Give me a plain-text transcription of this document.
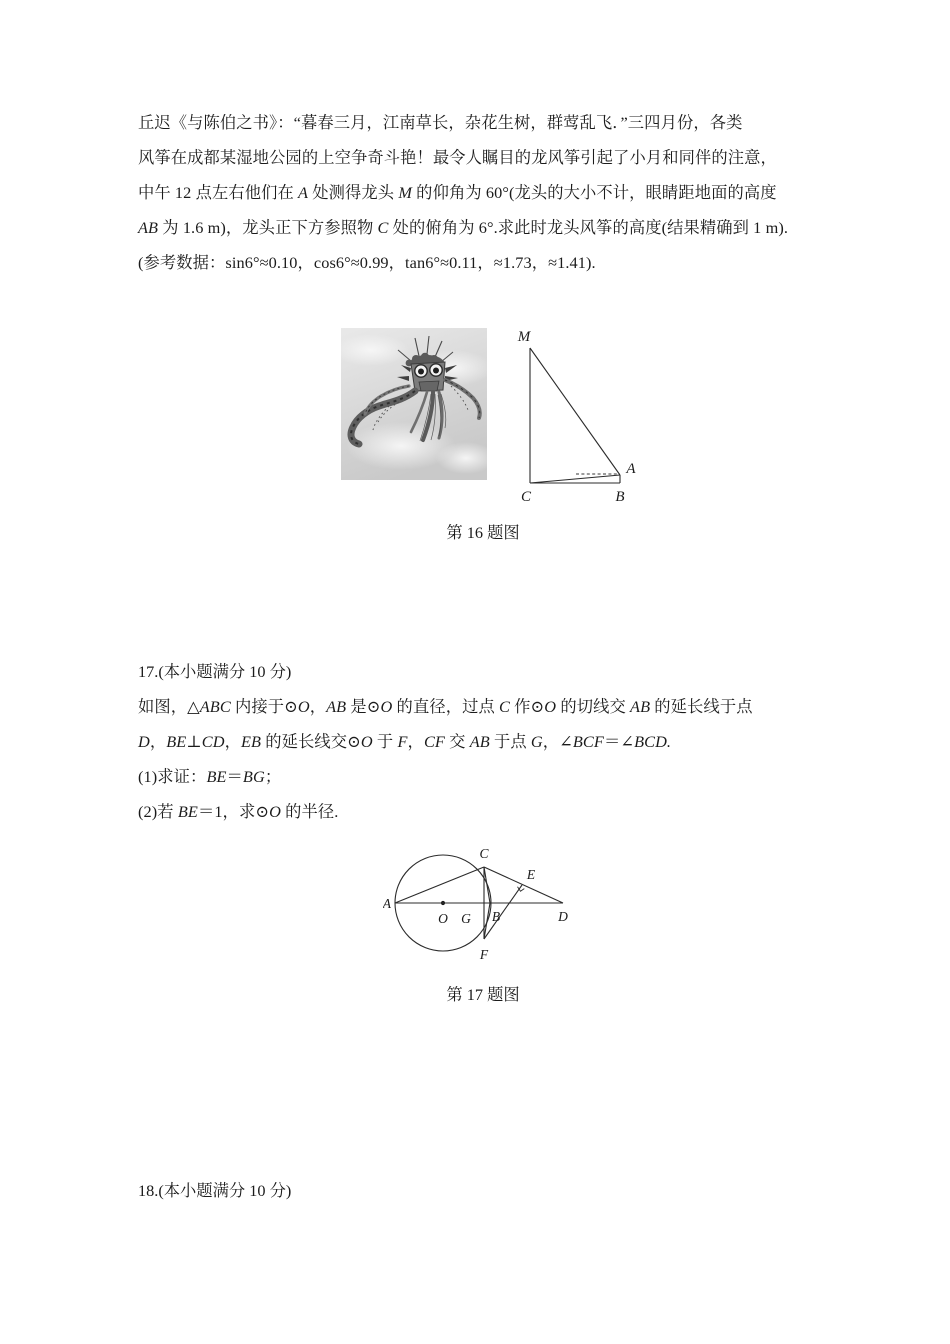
丘迟《与陈伯之书》：“暮春三月，江南草长，杂花生树，群莺乱飞．”三四月份，各类

风筝在成都某湿地公园的上空争奇斗艳！最令人瞩目的龙风筝引起了小月和同伴的注意，

中午 12 点左右他们在 A 处测得龙头 M 的仰角为 60°(龙头的大小不计，眼睛距地面的高度

AB 为 1.6 m)，龙头正下方参照物 C 处的俯角为 6°.求此时龙头风筝的高度(结果精确到 1 m).

(参考数据：sin6°≈0.10，cos6°≈0.99，tan6°≈0.11，≈1.73，≈1.41).

M
A
B
C
第 16 题图

17.(本小题满分 10 分)

如图，△ABC 内接于⊙O，AB 是⊙O 的直径，过点 C 作⊙O 的切线交 AB 的延长线于点

D，BE⊥CD，EB 的延长线交⊙O 于 F，CF 交 AB 于点 G，∠BCF＝∠BCD.

(1)求证：BE＝BG；

(2)若 BE＝1，求⊙O 的半径.

A
O G B	D
C
E
F
第 17 题图

18.(本小题满分 10 分)
